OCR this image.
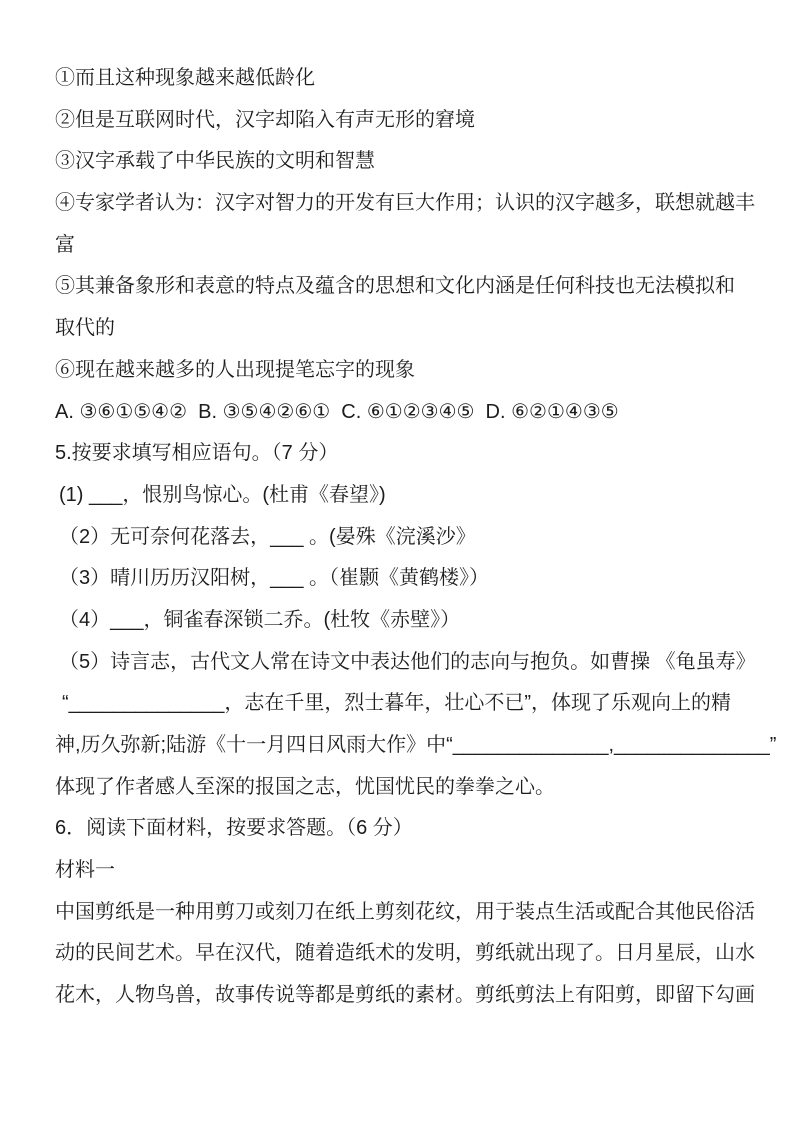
①而且这种现象越来越低龄化
②但是互联网时代，汉字却陷入有声无形的窘境
③汉字承载了中华民族的文明和智慧
④专家学者认为：汉字对智力的开发有巨大作用；认识的汉字越多，联想就越丰
富
⑤其兼备象形和表意的特点及蕴含的思想和文化内涵是任何科技也无法模拟和
取代的
⑥现在越来越多的人出现提笔忘字的现象
A. ③⑥①⑤④②  B. ③⑤④②⑥①  C. ⑥①②③④⑤  D. ⑥②①④③⑤
5.按要求填写相应语句。（7 分）
(1) ___，恨别鸟惊心。(杜甫《春望》)
（2）无可奈何花落去，___ 。(晏殊《浣溪沙》
（3）晴川历历汉阳树，___ 。（崔颢《黄鹤楼》）
（4）___，铜雀春深锁二乔。(杜牧《赤壁》）
（5）诗言志，古代文人常在诗文中表达他们的志向与抱负。如曹操 《龟虽寿》
“______________，志在千里，烈士暮年，壮心不已”，体现了乐观向上的精
神,历久弥新;陆游《十一月四日风雨大作》中“______________,______________”
体现了作者感人至深的报国之志，忧国忧民的拳拳之心。
6．阅读下面材料，按要求答题。（6 分）
材料一
中国剪纸是一种用剪刀或刻刀在纸上剪刻花纹，用于装点生活或配合其他民俗活
动的民间艺术。早在汉代，随着造纸术的发明，剪纸就出现了。日月星辰，山水
花木，人物鸟兽，故事传说等都是剪纸的素材。剪纸剪法上有阳剪，即留下勾画
